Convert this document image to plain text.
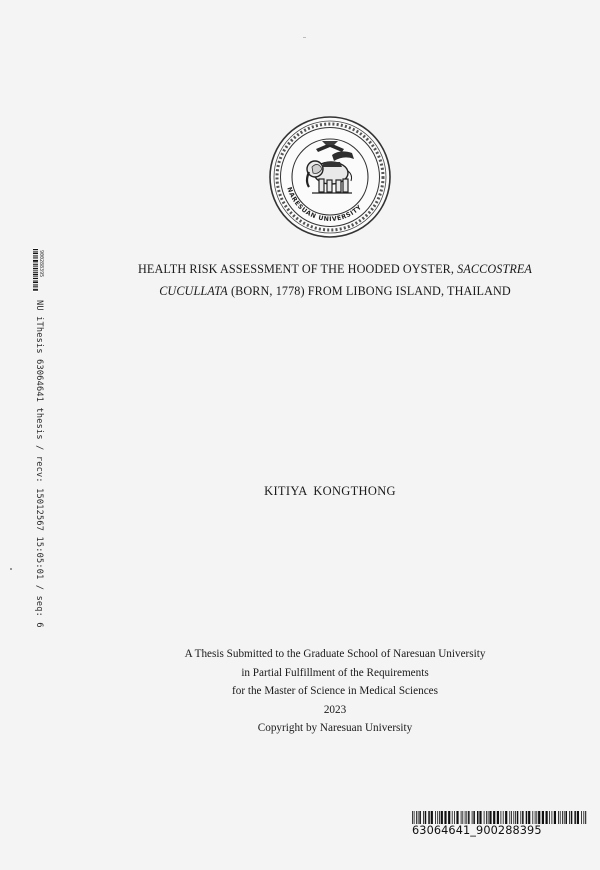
NARESUAN UNIVERSITY
HEALTH RISK ASSESSMENT OF THE HOODED OYSTER, SACCOSTREA
CUCULLATA (BORN, 1778) FROM LIBONG ISLAND, THAILAND
KITIYA KONGTHONG
A Thesis Submitted to the Graduate School of Naresuan University
in Partial Fulfillment of the Requirements
for the Master of Science in Medical Sciences
2023
Copyright by Naresuan University
900288395
NU iThesis 63064641 thesis / recv: 15012567 15:05:01 / seq: 6
63064641_900288395
